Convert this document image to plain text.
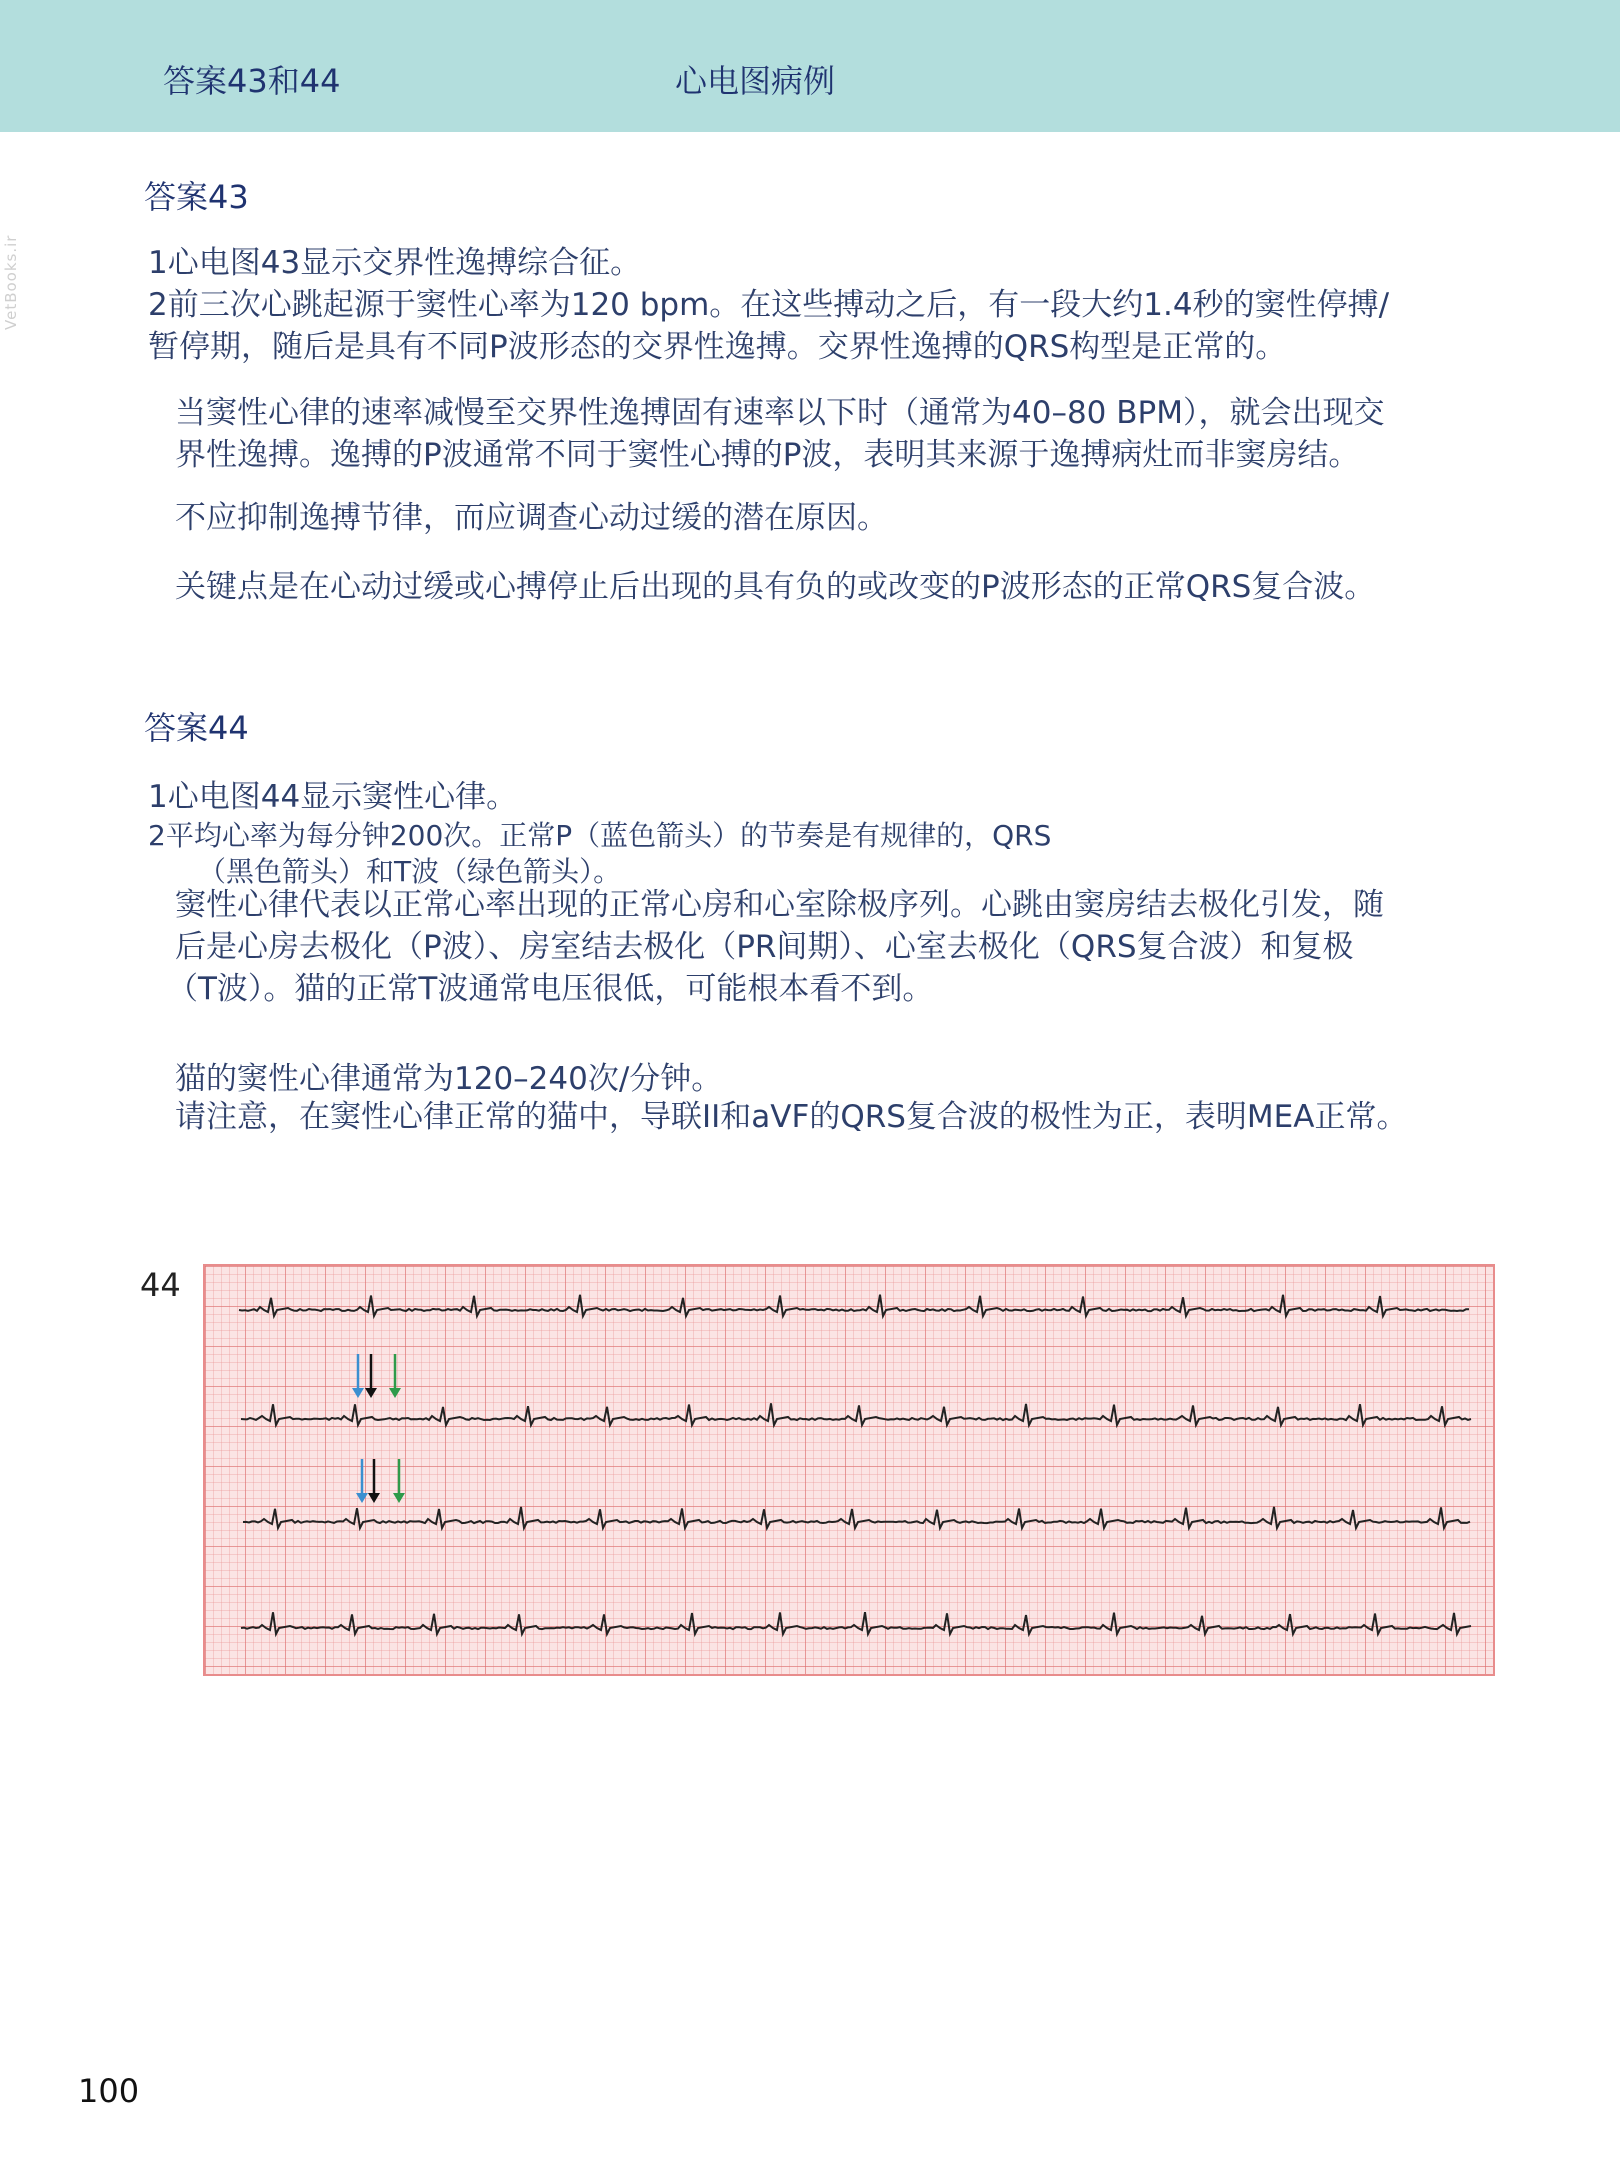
答案43和44	心电图病例
VetBooks.ir
答案43
1心电图43显示交界性逸搏综合征。
2前三次心跳起源于窦性心率为120 bpm。在这些搏动之后，有一段大约1.4秒的窦性停搏/
暂停期，随后是具有不同P波形态的交界性逸搏。交界性逸搏的QRS构型是正常的。
当窦性心律的速率减慢至交界性逸搏固有速率以下时（通常为40–80 BPM），就会出现交
界性逸搏。逸搏的P波通常不同于窦性心搏的P波，表明其来源于逸搏病灶而非窦房结。
不应抑制逸搏节律，而应调查心动过缓的潜在原因。
关键点是在心动过缓或心搏停止后出现的具有负的或改变的P波形态的正常QRS复合波。
答案44
1心电图44显示窦性心律。
2平均心率为每分钟200次。正常P（蓝色箭头）的节奏是有规律的，QRS
（黑色箭头）和T波（绿色箭头）。
窦性心律代表以正常心率出现的正常心房和心室除极序列。心跳由窦房结去极化引发，随
后是心房去极化（P波）、房室结去极化（PR间期）、心室去极化（QRS复合波）和复极
（T波）。猫的正常T波通常电压很低，可能根本看不到。
猫的窦性心律通常为120–240次/分钟。
请注意，在窦性心律正常的猫中，导联II和aVF的QRS复合波的极性为正，表明MEA正常。
44
100
